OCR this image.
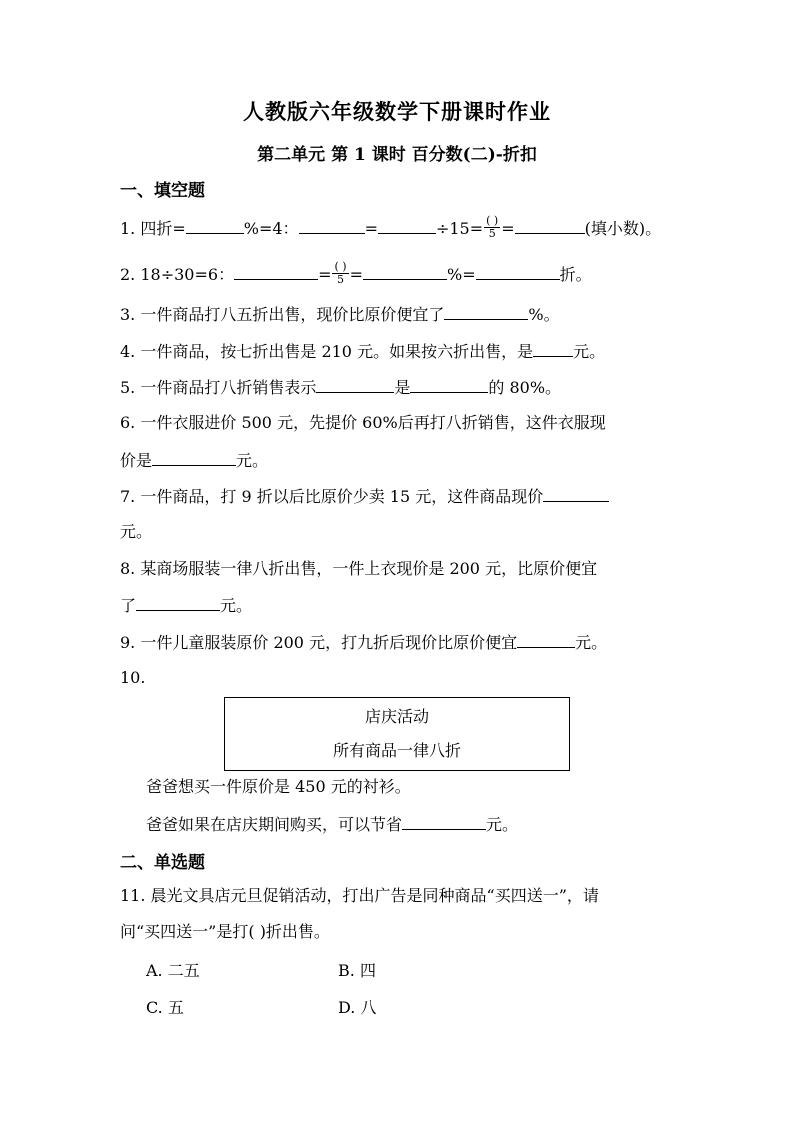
人教版六年级数学下册课时作业
第二单元 第 1 课时 百分数(二)-折扣
一、填空题
1. 四折=	%=4：	=	$\div 15= \frac{( )}{5}$ =	(填小数)。
2. 18÷30=6：	= $\frac{( )}{5}$ =	%=	折。
3. 一件商品打八五折出售，现价比原价便宜了	%。
4. 一件商品，按七折出售是 210 元。如果按六折出售，是	元。
5. 一件商品打八折销售表示	是	的 80%。
6. 一件衣服进价 500 元，先提价 60%后再打八折销售，这件衣服现
价是	元。
7. 一件商品，打 9 折以后比原价少卖 15 元，这件商品现价
元。
8. 某商场服装一律八折出售，一件上衣现价是 200 元，比原价便宜
了	元。
9. 一件儿童服装原价 200 元，打九折后现价比原价便宜	元。
10.
店庆活动
所有商品一律八折
爸爸想买一件原价是 450 元的衬衫。
爸爸如果在店庆期间购买，可以节省	元。
二、单选题
11. 晨光文具店元旦促销活动，打出广告是同种商品“买四送一”，请
问“买四送一”是打( )折出售。
A. 二五	B. 四
C. 五	D. 八
